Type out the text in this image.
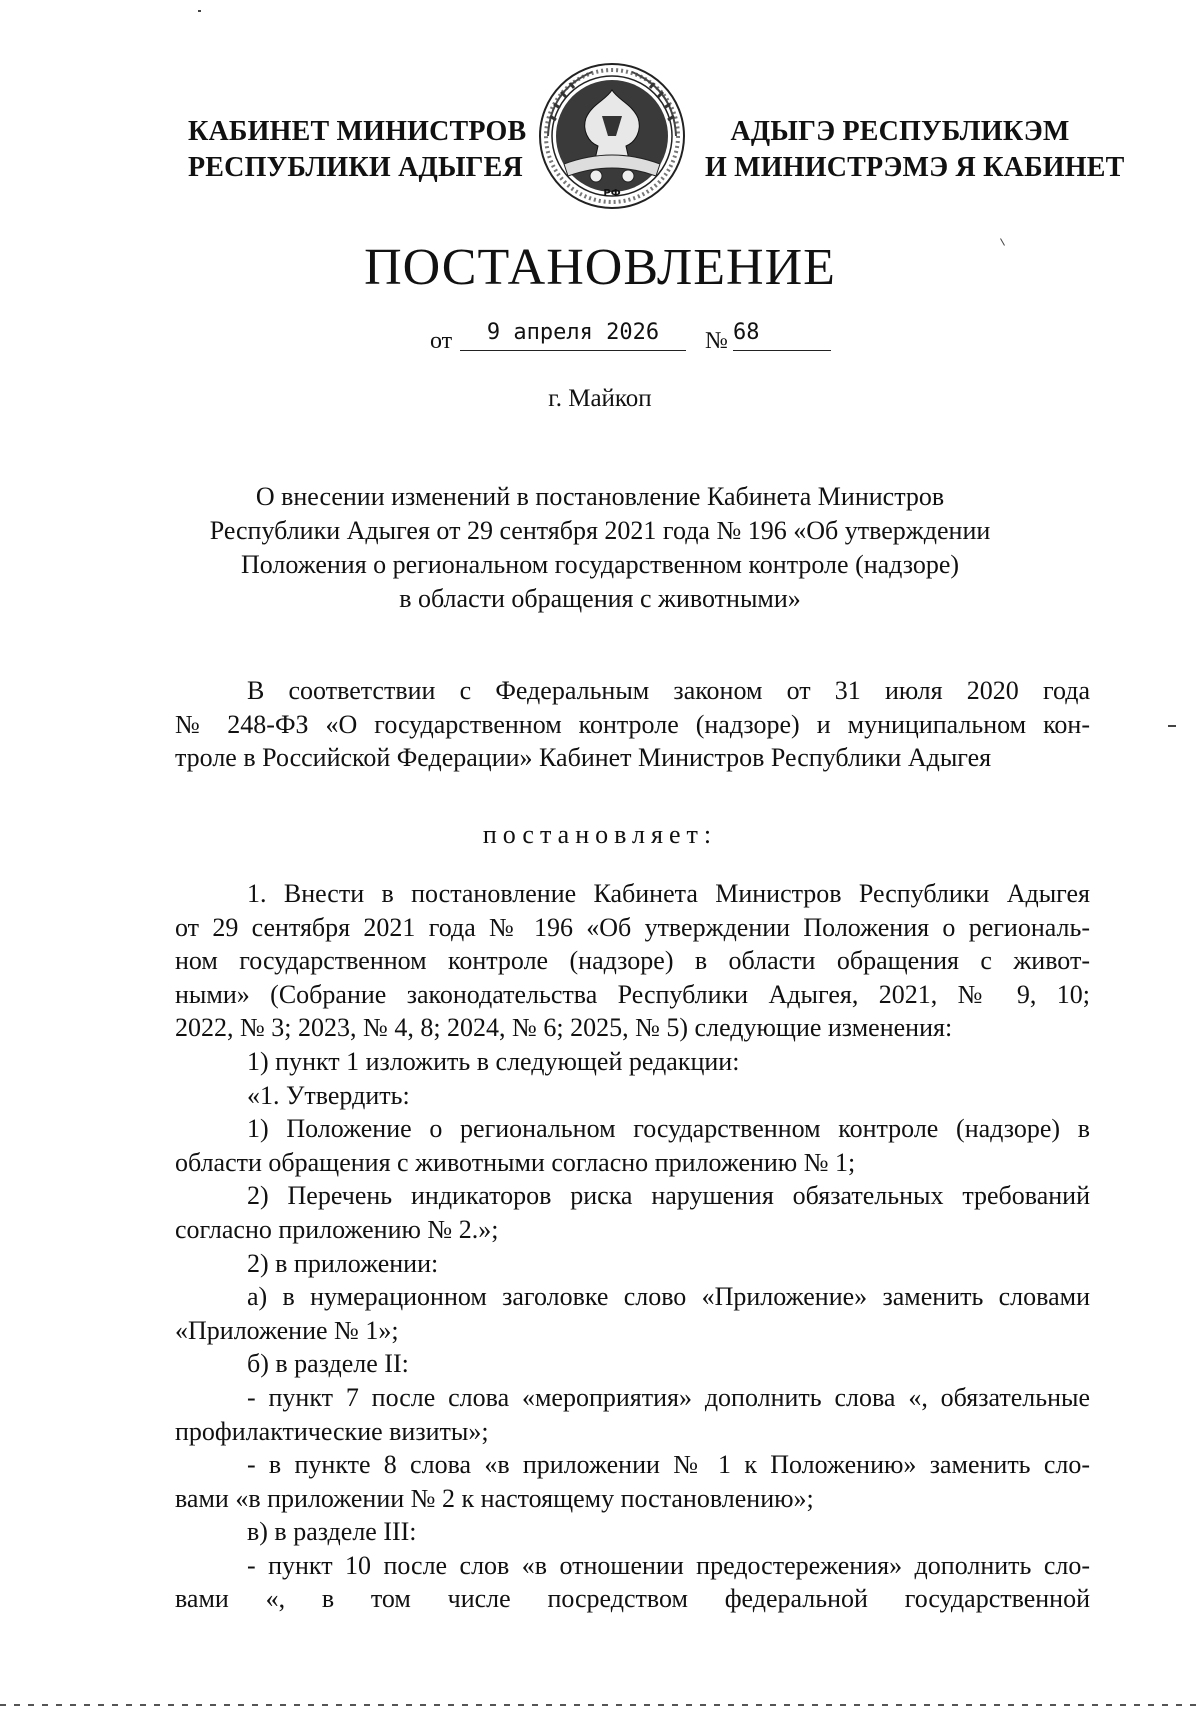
КАБИНЕТ МИНИСТРОВ
РЕСПУБЛИКИ АДЫГЕЯ
РФ
АДЫГЭ РЕСПУБЛИКЭМ
И МИНИСТРЭМЭ Я КАБИНЕТ
ПОСТАНОВЛЕНИЕ
от	9 апреля 2026	№ 68
г. Майкоп
О внесении изменений в постановление Кабинета Министров
Республики Адыгея от 29 сентября 2021 года № 196 «Об утверждении
Положения о региональном государственном контроле (надзоре)
в области обращения с животными»
В соответствии с Федеральным законом от 31 июля 2020 года
№ 248-ФЗ «О государственном контроле (надзоре) и муниципальном кон-
троле в Российской Федерации» Кабинет Министров Республики Адыгея
постановляет:
1. Внести в постановление Кабинета Министров Республики Адыгея
от 29 сентября 2021 года № 196 «Об утверждении Положения о региональ-
ном государственном контроле (надзоре) в области обращения с живот-
ными» (Собрание законодательства Республики Адыгея, 2021, № 9, 10;
2022, № 3; 2023, № 4, 8; 2024, № 6; 2025, № 5) следующие изменения:
1) пункт 1 изложить в следующей редакции:
«1. Утвердить:
1) Положение о региональном государственном контроле (надзоре) в
области обращения с животными согласно приложению № 1;
2) Перечень индикаторов риска нарушения обязательных требований
согласно приложению № 2.»;
2) в приложении:
а) в нумерационном заголовке слово «Приложение» заменить словами
«Приложение № 1»;
б) в разделе II:
- пункт 7 после слова «мероприятия» дополнить слова «, обязательные
профилактические визиты»;
- в пункте 8 слова «в приложении № 1 к Положению» заменить сло-
вами «в приложении № 2 к настоящему постановлению»;
в) в разделе III:
- пункт 10 после слов «в отношении предостережения» дополнить сло-
вами «, в том числе посредством федеральной государственной
